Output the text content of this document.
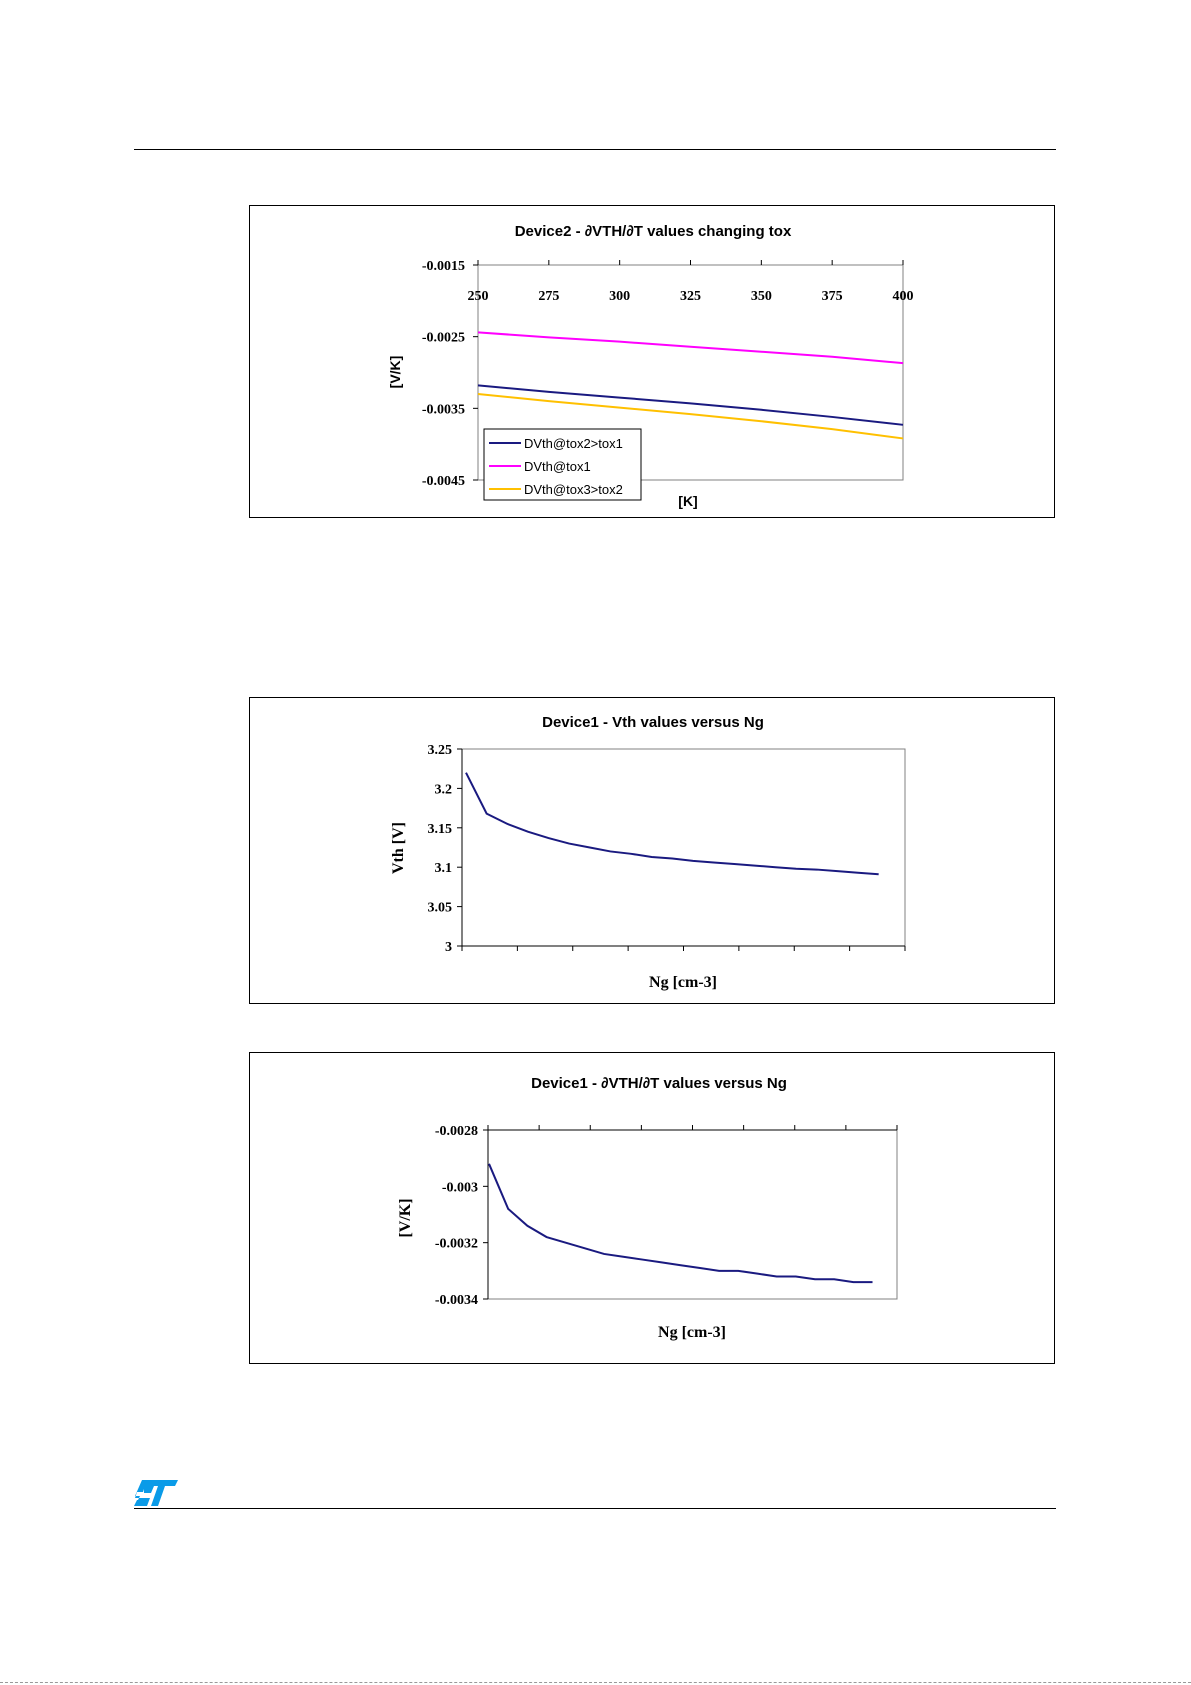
Device2 - ∂VTH/∂T values changing tox
250	275	300	325	350	375	400
-0.0015
-0.0025
-0.0035
-0.0045
[V/K]
[K]
DVth@tox2>tox1
DVth@tox1
DVth@tox3>tox2
Device1 - Vth values versus Ng
3
3.05
3.1
3.15
3.2
3.25
Vth [V]
Ng [cm-3]
Device1 - ∂VTH/∂T values versus Ng
-0.0028
-0.003
-0.0032
-0.0034
[V/K]
Ng [cm-3]
